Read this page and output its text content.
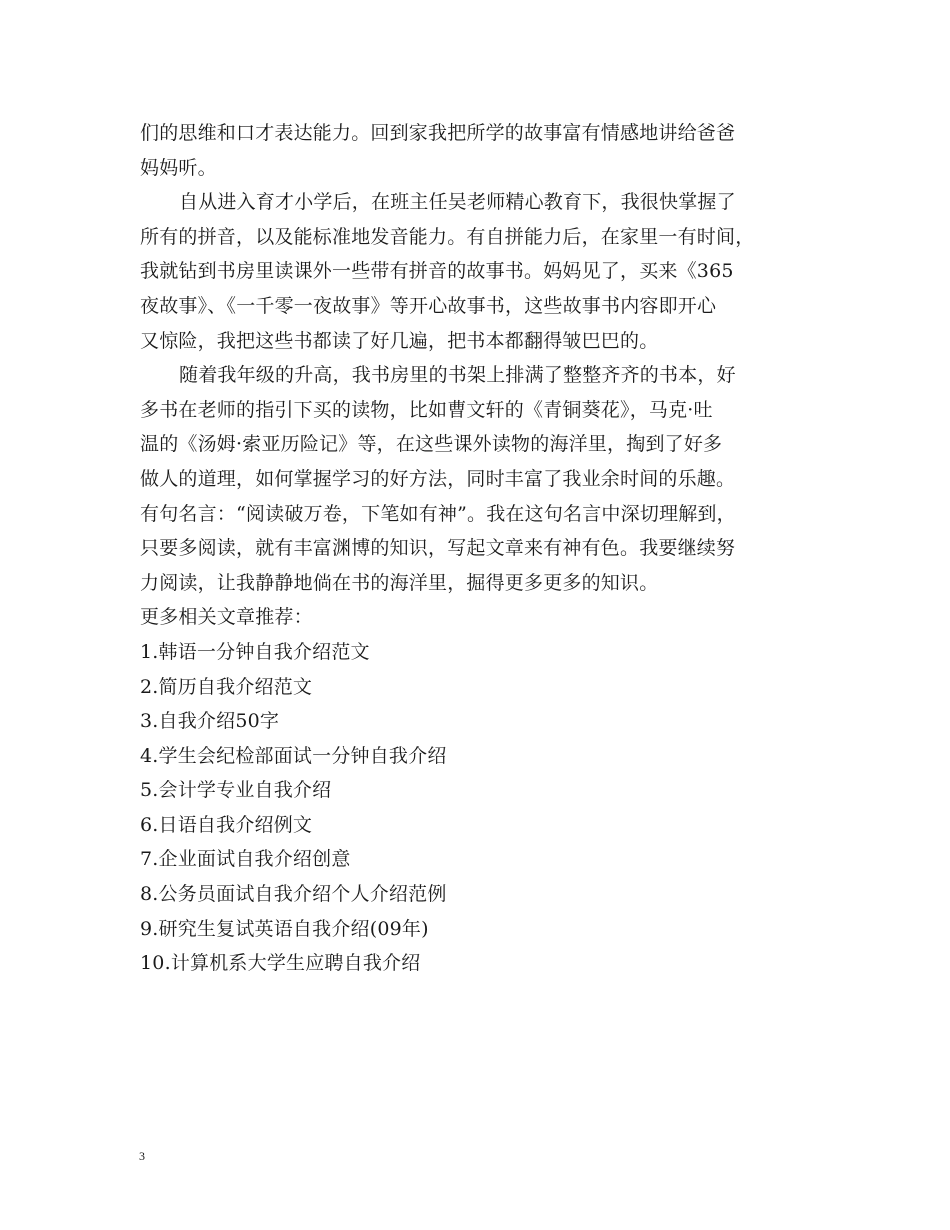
们的思维和口才表达能力。回到家我把所学的故事富有情感地讲给爸爸
妈妈听。
自从进入育才小学后，在班主任吴老师精心教育下，我很快掌握了
所有的拼音，以及能标准地发音能力。有自拼能力后，在家里一有时间，
我就钻到书房里读课外一些带有拼音的故事书。妈妈见了，买来《365
夜故事》、《一千零一夜故事》等开心故事书，这些故事书内容即开心
又惊险，我把这些书都读了好几遍，把书本都翻得皱巴巴的。
随着我年级的升高，我书房里的书架上排满了整整齐齐的书本，好
多书在老师的指引下买的读物，比如曹文轩的《青铜葵花》，马克·吐
温的《汤姆·索亚历险记》等，在这些课外读物的海洋里，掏到了好多
做人的道理，如何掌握学习的好方法，同时丰富了我业余时间的乐趣。
有句名言：“阅读破万卷，下笔如有神”。我在这句名言中深切理解到，
只要多阅读，就有丰富渊博的知识，写起文章来有神有色。我要继续努
力阅读，让我静静地倘在书的海洋里，掘得更多更多的知识。
更多相关文章推荐：
1.韩语一分钟自我介绍范文
2.简历自我介绍范文
3.自我介绍50字
4.学生会纪检部面试一分钟自我介绍
5.会计学专业自我介绍
6.日语自我介绍例文
7.企业面试自我介绍创意
8.公务员面试自我介绍个人介绍范例
9.研究生复试英语自我介绍(09年)
10.计算机系大学生应聘自我介绍
3
